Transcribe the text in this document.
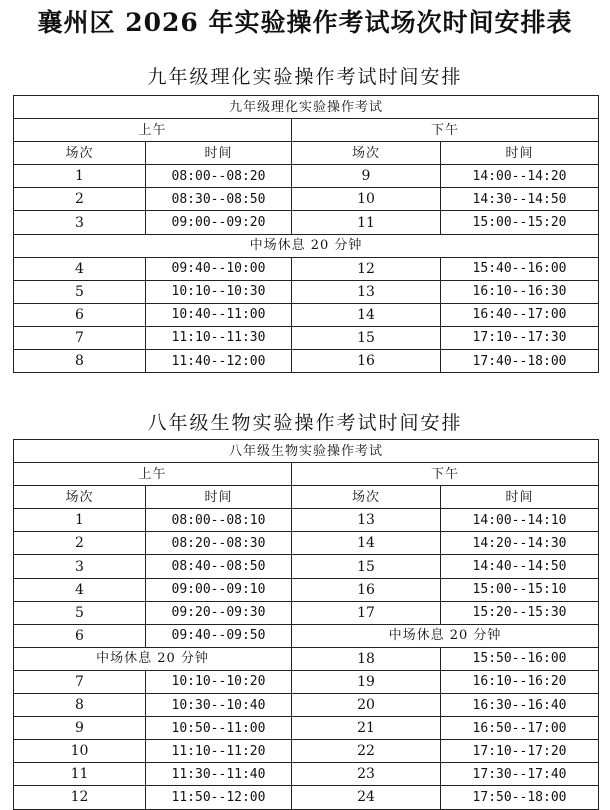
襄州区 2026 年实验操作考试场次时间安排表
九年级理化实验操作考试时间安排
九年级理化实验操作考试			
上午		下午	
场次	时间	场次	时间
1	08:00--08:20	9	14:00--14:20
2	08:30--08:50	10	14:30--14:50
3	09:00--09:20	11	15:00--15:20
中场休息 20 分钟			
4	09:40--10:00	12	15:40--16:00
5	10:10--10:30	13	16:10--16:30
6	10:40--11:00	14	16:40--17:00
7	11:10--11:30	15	17:10--17:30
8	11:40--12:00	16	17:40--18:00
八年级生物实验操作考试时间安排
八年级生物实验操作考试			
上午		下午	
场次	时间	场次	时间
1	08:00--08:10	13	14:00--14:10
2	08:20--08:30	14	14:20--14:30
3	08:40--08:50	15	14:40--14:50
4	09:00--09:10	16	15:00--15:10
5	09:20--09:30	17	15:20--15:30
6	09:40--09:50	中场休息 20 分钟	
中场休息 20 分钟		18	15:50--16:00
7	10:10--10:20	19	16:10--16:20
8	10:30--10:40	20	16:30--16:40
9	10:50--11:00	21	16:50--17:00
10	11:10--11:20	22	17:10--17:20
11	11:30--11:40	23	17:30--17:40
12	11:50--12:00	24	17:50--18:00
